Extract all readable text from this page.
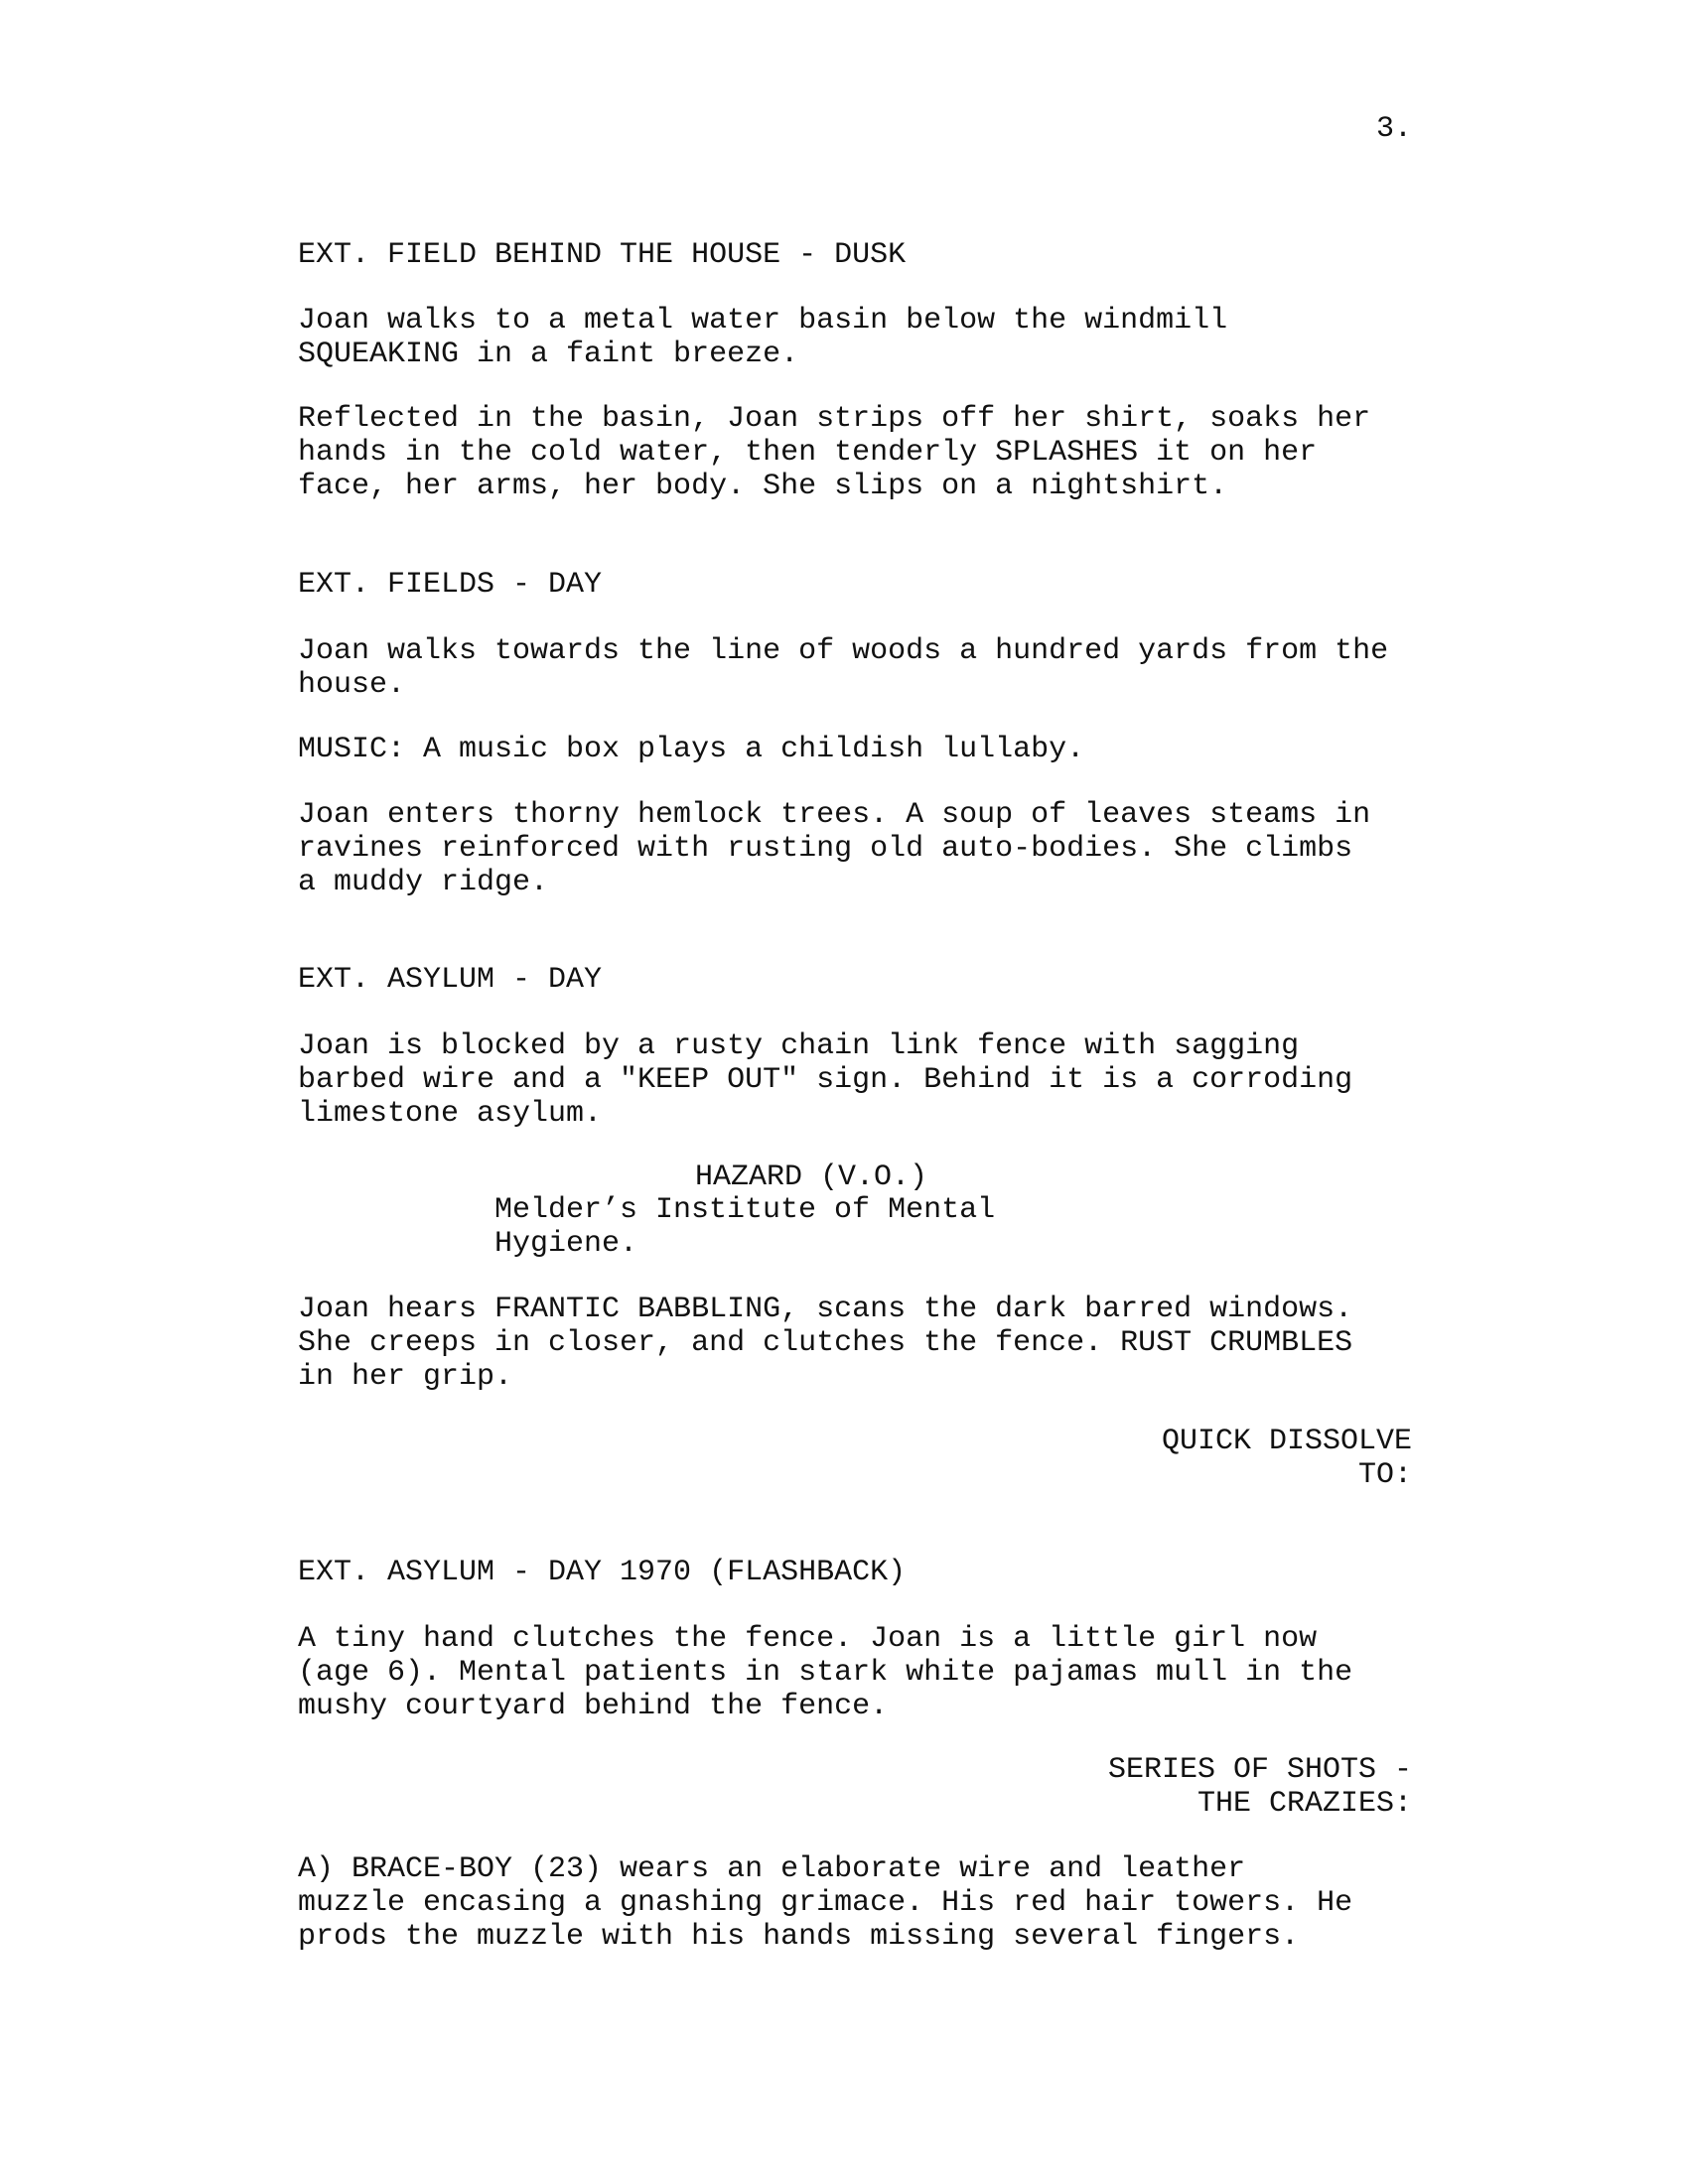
3.
EXT. FIELD BEHIND THE HOUSE - DUSK
Joan walks to a metal water basin below the windmill
SQUEAKING in a faint breeze.
Reflected in the basin, Joan strips off her shirt, soaks her
hands in the cold water, then tenderly SPLASHES it on her
face, her arms, her body. She slips on a nightshirt.
EXT. FIELDS - DAY
Joan walks towards the line of woods a hundred yards from the
house.
MUSIC: A music box plays a childish lullaby.
Joan enters thorny hemlock trees. A soup of leaves steams in
ravines reinforced with rusting old auto-bodies. She climbs
a muddy ridge.
EXT. ASYLUM - DAY
Joan is blocked by a rusty chain link fence with sagging
barbed wire and a "KEEP OUT" sign. Behind it is a corroding
limestone asylum.
HAZARD (V.O.)
Melder’s Institute of Mental
Hygiene.
Joan hears FRANTIC BABBLING, scans the dark barred windows.
She creeps in closer, and clutches the fence. RUST CRUMBLES
in her grip.
QUICK DISSOLVE
TO:
EXT. ASYLUM - DAY 1970 (FLASHBACK)
A tiny hand clutches the fence. Joan is a little girl now
(age 6). Mental patients in stark white pajamas mull in the
mushy courtyard behind the fence.
SERIES OF SHOTS -
THE CRAZIES:
A) BRACE-BOY (23) wears an elaborate wire and leather
muzzle encasing a gnashing grimace. His red hair towers. He
prods the muzzle with his hands missing several fingers.
